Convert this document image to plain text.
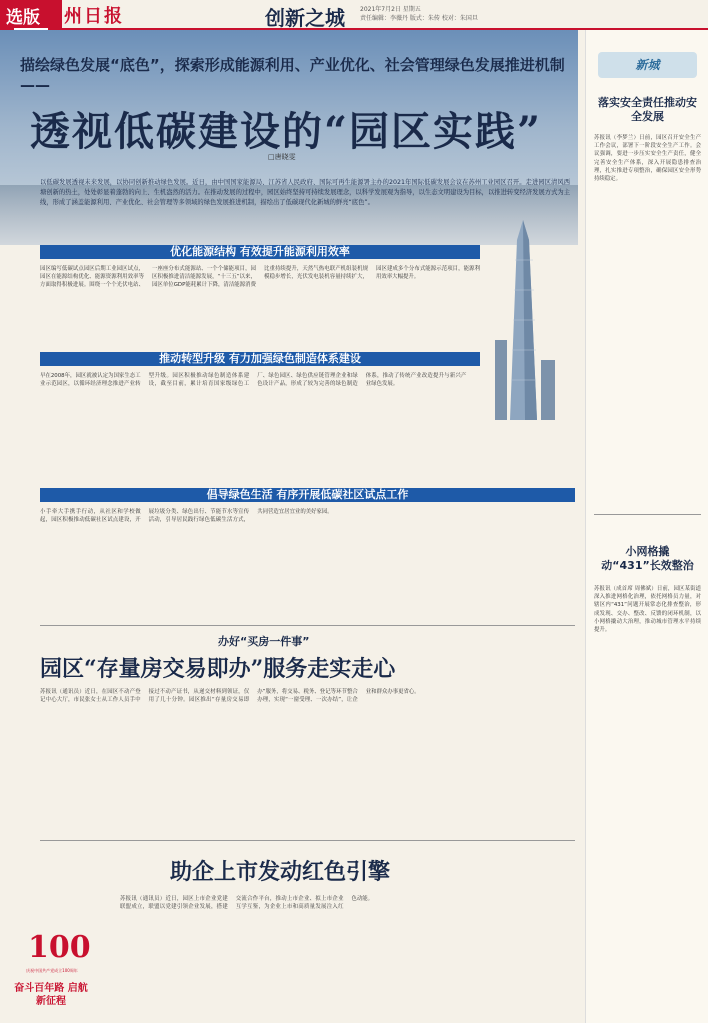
选版 州日报	创新之城	2021年7月2日 星期五
责任编辑：李薇丹 版式：朱传 校对：朱国旦
描绘绿色发展“底色”，探索形成能源利用、产业优化、社会管理绿色发展推进机制——
透视低碳建设的“园区实践”
□唐晓雯
以低碳发展透视未来发展，以协同创新推动绿色发展。近日，由中国国家能源局、江苏省人民政府、国际可再生能源署主办的2021年国际低碳发展会议在苏州工业园区召开。走进园区清风西塘创新的热土，处处彰显着蓬勃的向上、生机盎然的活力。在推动发展的过程中，园区始终坚持可持续发展理念，以科学发展观为指导，以生态文明建设为目标，以推进转变经济发展方式为主线，形成了涵盖能源利用、产业优化、社会管理等多领域的绿色发展推进机制，描绘出了低碳现代化新城的鲜亮“底色”。
优化能源结构 有效提升能源利用效率
园区编写低碳试点园区后期工业园区试点，园区在能源结构优化、能源资源利用效率等方面取得积极进展。围绕一个个光伏电站、一座座分布式能源站、一个个储能项目，园区积极推进清洁能源发展，“十三五”以来，园区单位GDP能耗累计下降，清洁能源消费比重持续提升，天然气热电联产机组装机规模稳步增长，光伏发电装机容量持续扩大，园区建成多个分布式能源示范项目，能源利用效率大幅提升。
推动转型升级 有力加强绿色制造体系建设
早在2008年，园区就被认定为国家生态工业示范园区，以循环经济理念推进产业转型升级。园区积极推动绿色制造体系建设，截至目前，累计培育国家级绿色工厂、绿色园区、绿色供应链管理企业和绿色设计产品，形成了较为完善的绿色制造体系，推动了传统产业改造提升与新兴产业绿色发展。
倡导绿色生活 有序开展低碳社区试点工作
小手牵大手携手行动，从社区和学校做起，园区积极推动低碳社区试点建设，开展垃圾分类、绿色出行、节能节水等宣传活动，引导居民践行绿色低碳生活方式，共同营造宜居宜业的美好家园。
办好“买房一件事”
园区“存量房交易即办”服务走实走心
苏报讯（通讯员）近日，在园区不动产登记中心大厅，市民张女士从工作人员手中接过不动产证书，从递交材料到领证，仅用了几十分钟。园区推出“存量房交易即办”服务，将交易、税务、登记等环节整合办理，实现“一窗受理、一次办结”，让企业和群众办事更省心。
助企上市发动红色引擎
苏报讯（通讯员）近日，园区上市企业党建联盟成立，联盟以党建引领企业发展，搭建交流合作平台，推动上市企业、拟上市企业互学互鉴，为企业上市和高质量发展注入红色动能。
100
庆祝中国共产党成立100周年
奋斗百年路 启航新征程
新城
落实安全责任推动安全发展
苏报讯（李梦兰）日前，园区召开安全生产工作会议，部署下一阶段安全生产工作。会议强调，要进一步压实安全生产责任，健全完善安全生产体系，深入开展隐患排查治理，扎实推进专项整治，确保园区安全形势持续稳定。
小网格撬动“431”长效整治
苏报讯（成首席 周佛斌）日前，园区某街道深入推进网格化治理，依托网格员力量，对辖区内“431”问题开展常态化排查整治，形成发现、交办、整改、反馈的闭环机制，以小网格撬动大治理，推动城市管理水平持续提升。
